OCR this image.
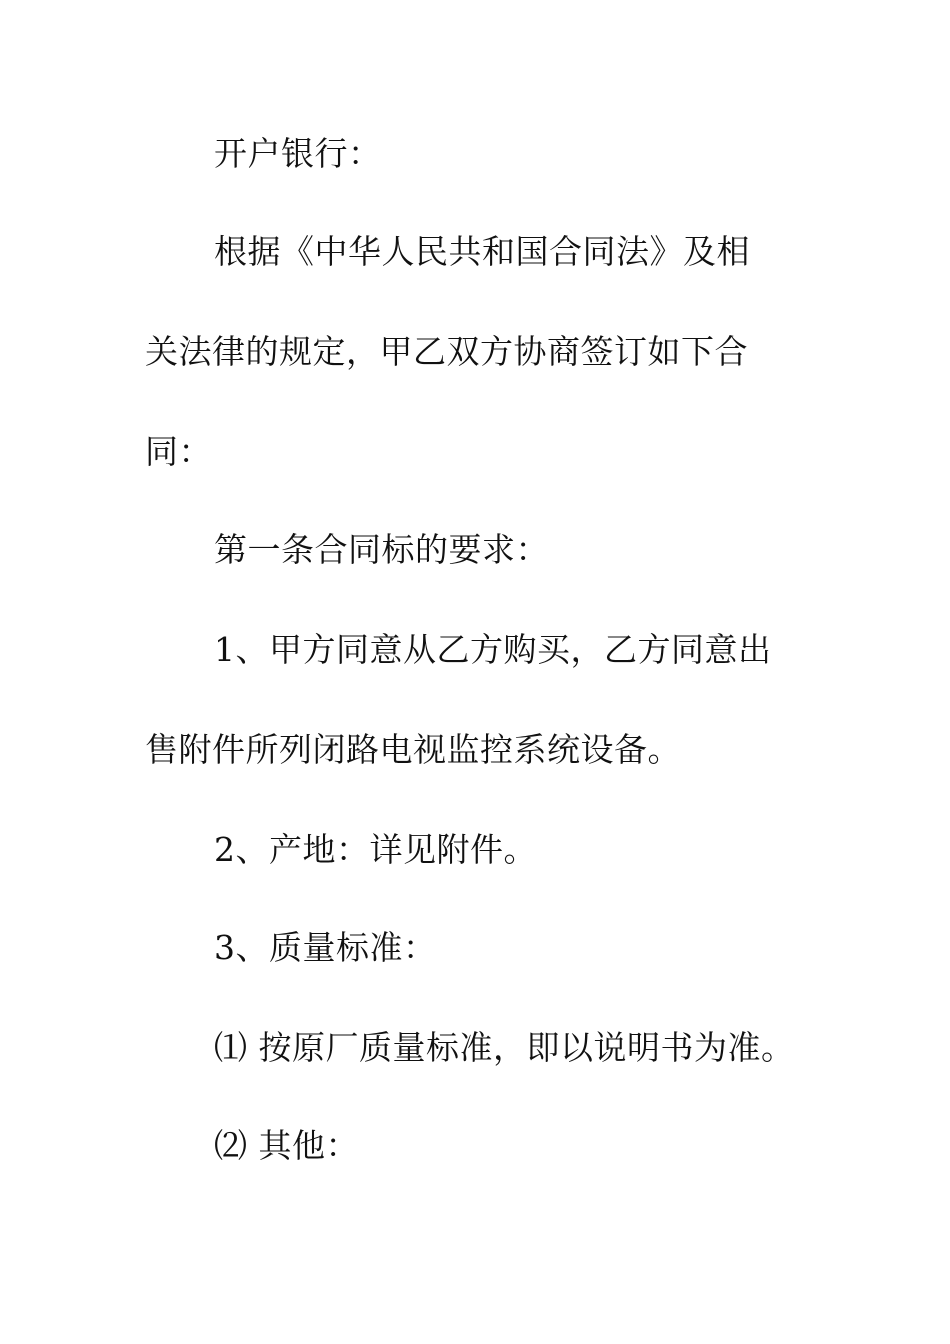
开户银行：
根据《中华人民共和国合同法》及相
关法律的规定，甲乙双方协商签订如下合
同：
第一条合同标的要求：
1、甲方同意从乙方购买，乙方同意出
售附件所列闭路电视监控系统设备。
2、产地：详见附件。
3、质量标准：
⑴ 按原厂质量标准，即以说明书为准。
⑵ 其他：
